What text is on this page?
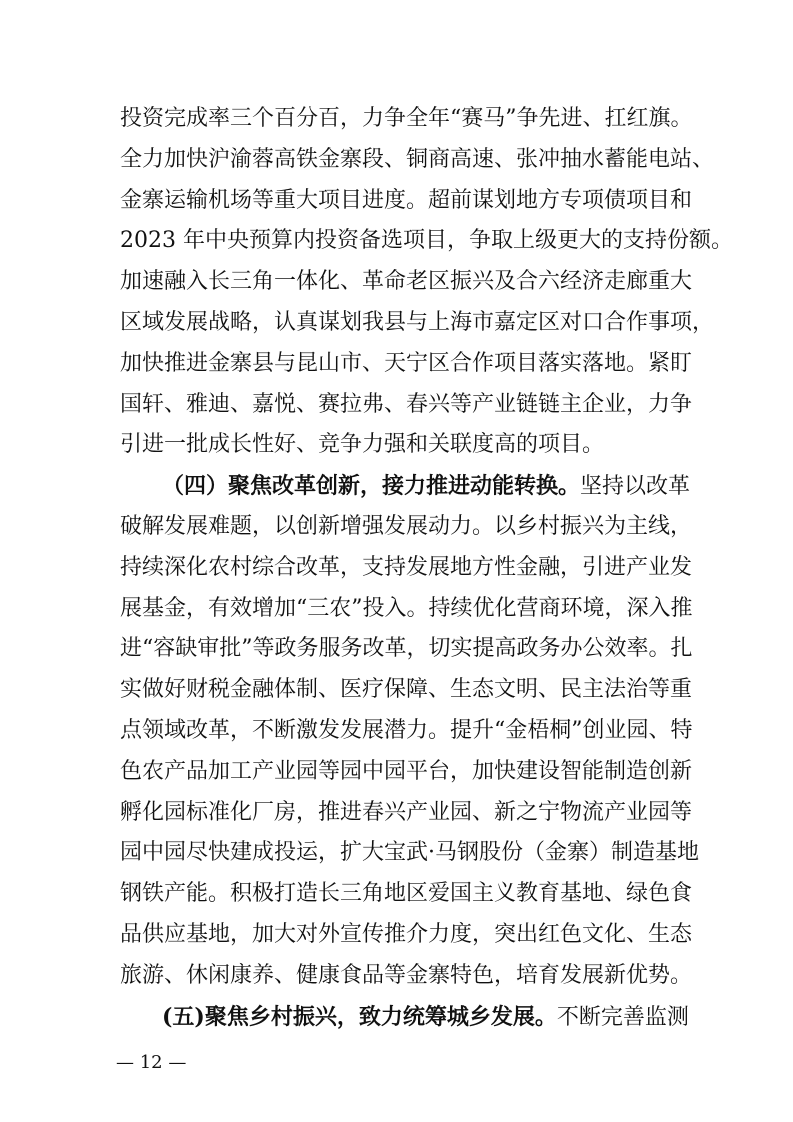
投资完成率三个百分百，力争全年“赛马”争先进、扛红旗。
全力加快沪渝蓉高铁金寨段、铜商高速、张冲抽水蓄能电站、
金寨运输机场等重大项目进度。超前谋划地方专项债项目和
2023 年中央预算内投资备选项目，争取上级更大的支持份额。
加速融入长三角一体化、革命老区振兴及合六经济走廊重大
区域发展战略，认真谋划我县与上海市嘉定区对口合作事项，
加快推进金寨县与昆山市、天宁区合作项目落实落地。紧盯
国轩、雅迪、嘉悦、赛拉弗、春兴等产业链链主企业，力争
引进一批成长性好、竞争力强和关联度高的项目。
（四）聚焦改革创新，接力推进动能转换。坚持以改革
破解发展难题，以创新增强发展动力。以乡村振兴为主线，
持续深化农村综合改革，支持发展地方性金融，引进产业发
展基金，有效增加“三农”投入。持续优化营商环境，深入推
进“容缺审批”等政务服务改革，切实提高政务办公效率。扎
实做好财税金融体制、医疗保障、生态文明、民主法治等重
点领域改革，不断激发发展潜力。提升“金梧桐”创业园、特
色农产品加工产业园等园中园平台，加快建设智能制造创新
孵化园标准化厂房，推进春兴产业园、新之宁物流产业园等
园中园尽快建成投运，扩大宝武·马钢股份（金寨）制造基地
钢铁产能。积极打造长三角地区爱国主义教育基地、绿色食
品供应基地，加大对外宣传推介力度，突出红色文化、生态
旅游、休闲康养、健康食品等金寨特色，培育发展新优势。
(五)聚焦乡村振兴，致力统筹城乡发展。不断完善监测
— 12 —
